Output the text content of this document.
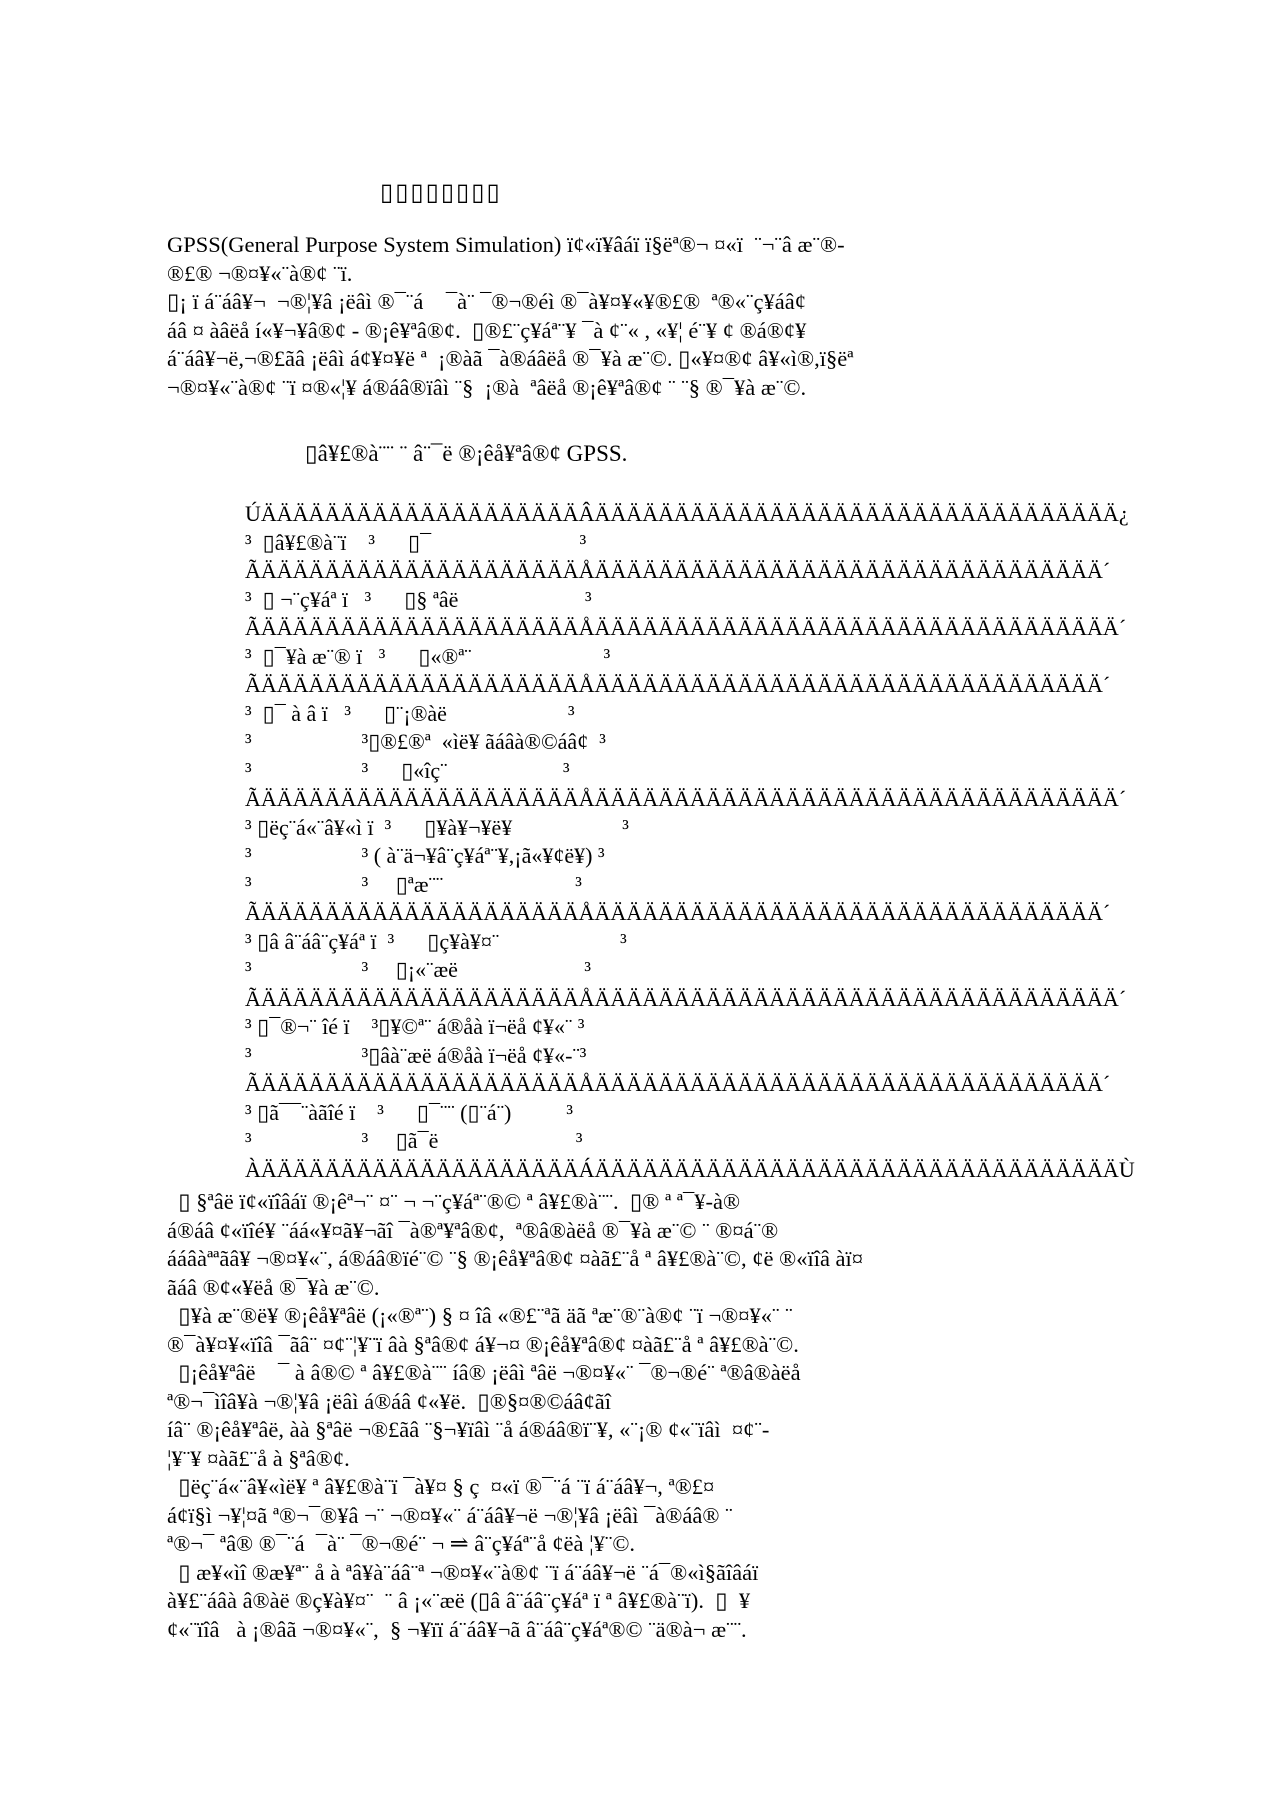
▯▯▯▯▯▯▯▯
GPSS(General Purpose System Simulation) ï¢«ï¥âáï ï§ëª®¬ ¤«ï  ¨¬¨â æ¨®-
®£® ¬®¤¥«¨à®¢ ¨ï.
▯¡ ï á¨áâ¥¬  ¬®¦¥â ¡ëâì ®¯¨á    ¯à¨ ¯®¬®éì ®¯à¥¤¥«¥®£®  ª®«¨ç¥áâ¢
áâ ¤ àâëå í«¥¬¥â®¢ - ®¡ê¥ªâ®¢.  ▯®£¨ç¥áª¨¥ ¯à ¢¨« , «¥¦ é¨¥ ¢ ®á®¢¥
á¨áâ¥¬ë,¬®£ãâ ¡ëâì á¢¥¤¥ë ª  ¡®àã ¯à®áâëå ®¯¥à æ¨©. ▯«¥¤®¢ â¥«ì®,ï§ëª
¬®¤¥«¨à®¢ ¨ï ¤®«¦¥ á®áâ®ïâì ¨§  ¡®à  ªâëå ®¡ê¥ªâ®¢ ¨ ¨§ ®¯¥à æ¨©.
▯â¥£®à¨¨ ¨ â¨¯ë ®¡êå¥ªâ®¢ GPSS.
ÚÄÄÄÄÄÄÄÄÄÄÄÄÄÄÄÄÄÄÄÄÂÄÄÄÄÄÄÄÄÄÄÄÄÄÄÄÄÄÄÄÄÄÄÄÄÄÄÄÄÄÄÄÄÄ¿
³  ▯â¥£®à¨ï    ³      ▯¯                           ³
ÃÄÄÄÄÄÄÄÄÄÄÄÄÄÄÄÄÄÄÄÄÅÄÄÄÄÄÄÄÄÄÄÄÄÄÄÄÄÄÄÄÄÄÄÄÄÄÄÄÄÄÄÄÄ´
³  ▯ ¬¨ç¥áª ï   ³      ▯§ ªâë                       ³
ÃÄÄÄÄÄÄÄÄÄÄÄÄÄÄÄÄÄÄÄÄÅÄÄÄÄÄÄÄÄÄÄÄÄÄÄÄÄÄÄÄÄÄÄÄÄÄÄÄÄÄÄÄÄÄ´
³  ▯¯¥à æ¨® ï   ³      ▯«®ª¨                        ³
ÃÄÄÄÄÄÄÄÄÄÄÄÄÄÄÄÄÄÄÄÄÅÄÄÄÄÄÄÄÄÄÄÄÄÄÄÄÄÄÄÄÄÄÄÄÄÄÄÄÄÄÄÄÄ´
³  ▯¯ à â ï   ³      ▯¨¡®àë                      ³
³                    ³▯®£®ª  «ìë¥ ãáâà®©áâ¢  ³
³                    ³      ▯«îç¨                     ³
ÃÄÄÄÄÄÄÄÄÄÄÄÄÄÄÄÄÄÄÄÄÅÄÄÄÄÄÄÄÄÄÄÄÄÄÄÄÄÄÄÄÄÄÄÄÄÄÄÄÄÄÄÄÄÄ´
³ ▯ëç¨á«¨â¥«ì ï  ³      ▯¥à¥¬¥ë¥                    ³
³                    ³ ( à¨ä¬¥â¨ç¥áª¨¥,¡ã«¥¢ë¥) ³
³                    ³     ▯ªæ¨¨                        ³
ÃÄÄÄÄÄÄÄÄÄÄÄÄÄÄÄÄÄÄÄÄÅÄÄÄÄÄÄÄÄÄÄÄÄÄÄÄÄÄÄÄÄÄÄÄÄÄÄÄÄÄÄÄÄ´
³ ▯â â¨áâ¨ç¥áª ï  ³      ▯ç¥à¥¤¨                      ³
³                    ³     ▯¡«¨æë                       ³
ÃÄÄÄÄÄÄÄÄÄÄÄÄÄÄÄÄÄÄÄÄÅÄÄÄÄÄÄÄÄÄÄÄÄÄÄÄÄÄÄÄÄÄÄÄÄÄÄÄÄÄÄÄÄÄ´
³ ▯¯®¬¨ îé ï    ³▯¥©ª¨ á®åà ï¬ëå ¢¥«¨ ³
³                    ³▯âà¨æë á®åà ï¬ëå ¢¥«-¨³
ÃÄÄÄÄÄÄÄÄÄÄÄÄÄÄÄÄÄÄÄÄÅÄÄÄÄÄÄÄÄÄÄÄÄÄÄÄÄÄÄÄÄÄÄÄÄÄÄÄÄÄÄÄÄ´
³ ▯ã¯¯¨àãîé ï    ³      ▯¯¨¨ (▯¨á¨)          ³
³                    ³     ▯ã¯ë                         ³
ÀÄÄÄÄÄÄÄÄÄÄÄÄÄÄÄÄÄÄÄÄÁÄÄÄÄÄÄÄÄÄÄÄÄÄÄÄÄÄÄÄÄÄÄÄÄÄÄÄÄÄÄÄÄÄÙ
▯ §ªâë ï¢«ïîâáï ®¡êª¬¨ ¤¨ ¬ ¬¨ç¥áª¨®© ª â¥£®à¨¨.  ▯® ª ª¯¥-à®
á®áâ ¢«ïîé¥ ¨áá«¥¤ã¥¬ãî ¯à®ª¥ªâ®¢,  ª®â®àëå ®¯¥à æ¨© ¨ ®¤á¨®
ááâàªªãâ¥ ¬®¤¥«¨, á®áâ®ïé¨© ¨§ ®¡êå¥ªâ®¢ ¤àã£¨å ª â¥£®à¨©, ¢ë ®«ïîâ àï¤
ãáâ ®¢«¥ëå ®¯¥à æ¨©.
▯¥à æ¨®ë¥ ®¡êå¥ªâë (¡«®ª¨) § ¤ îâ «®£¨ªã äã ªæ¨®¨à®¢ ¨ï ¬®¤¥«¨ ¨
®¯à¥¤¥«ïîâ ¯ãâ¨ ¤¢¨¦¥¨ï âà §ªâ®¢ á¥¬¤ ®¡êå¥ªâ®¢ ¤àã£¨å ª â¥£®à¨©.
▯¡êå¥ªâë    ¯ à â®© ª â¥£®à¨¨ íâ® ¡ëâì ªâë ¬®¤¥«¨ ¯®¬®é¨ ª®â®àëå
ª®¬¯ìîâ¥à ¬®¦¥â ¡ëâì á®áâ ¢«¥ë.  ▯®§¤®©áâ¢ãî
íâ¨ ®¡êå¥ªâë, àà §ªâë ¬®£ãâ ¨§¬¥ïâì ¨å á®áâ®ï¨¥, «¨¡® ¢«¨ïâì  ¤¢¨-
¦¥¨¥ ¤àã£¨å à §ªâ®¢.
▯ëç¨á«¨â¥«ìë¥ ª â¥£®à¨ï ¯à¥¤ § ç  ¤«ï ®¯¨á ¨ï á¨áâ¥¬, ª®£¤
á¢ï§ì ¬¥¦¤ã ª®¬¯®¥â ¬¨ ¬®¤¥«¨ á¨áâ¥¬ë ¬®¦¥â ¡ëâì ¯à®áâ® ¨
ª®¬¯ ªâ® ®¯¨á  ¯à¨ ¯®¬®é¨ ¬ ⥬ â¨ç¥áª¨å ¢ëà ¦¥¨©.
▯ æ¥«ìî ®æ¥ª¨ å à ªâ¥à¨áâ¨ª ¬®¤¥«¨à®¢ ¨ï á¨áâ¥¬ë ¨á¯®«ì§ãîâáï
à¥£¨áâà â®àë ®ç¥à¥¤¨  ¨ â ¡«¨æë (▯â â¨áâ¨ç¥áª ï ª â¥£®à¨ï).  ▯  ¥
¢«¨ïîâ   à ¡®âã ¬®¤¥«¨,  § ¬¥ïï á¨áâ¥¬ã â¨áâ¨ç¥áª®© ¨ä®à¬ æ¨¨.
